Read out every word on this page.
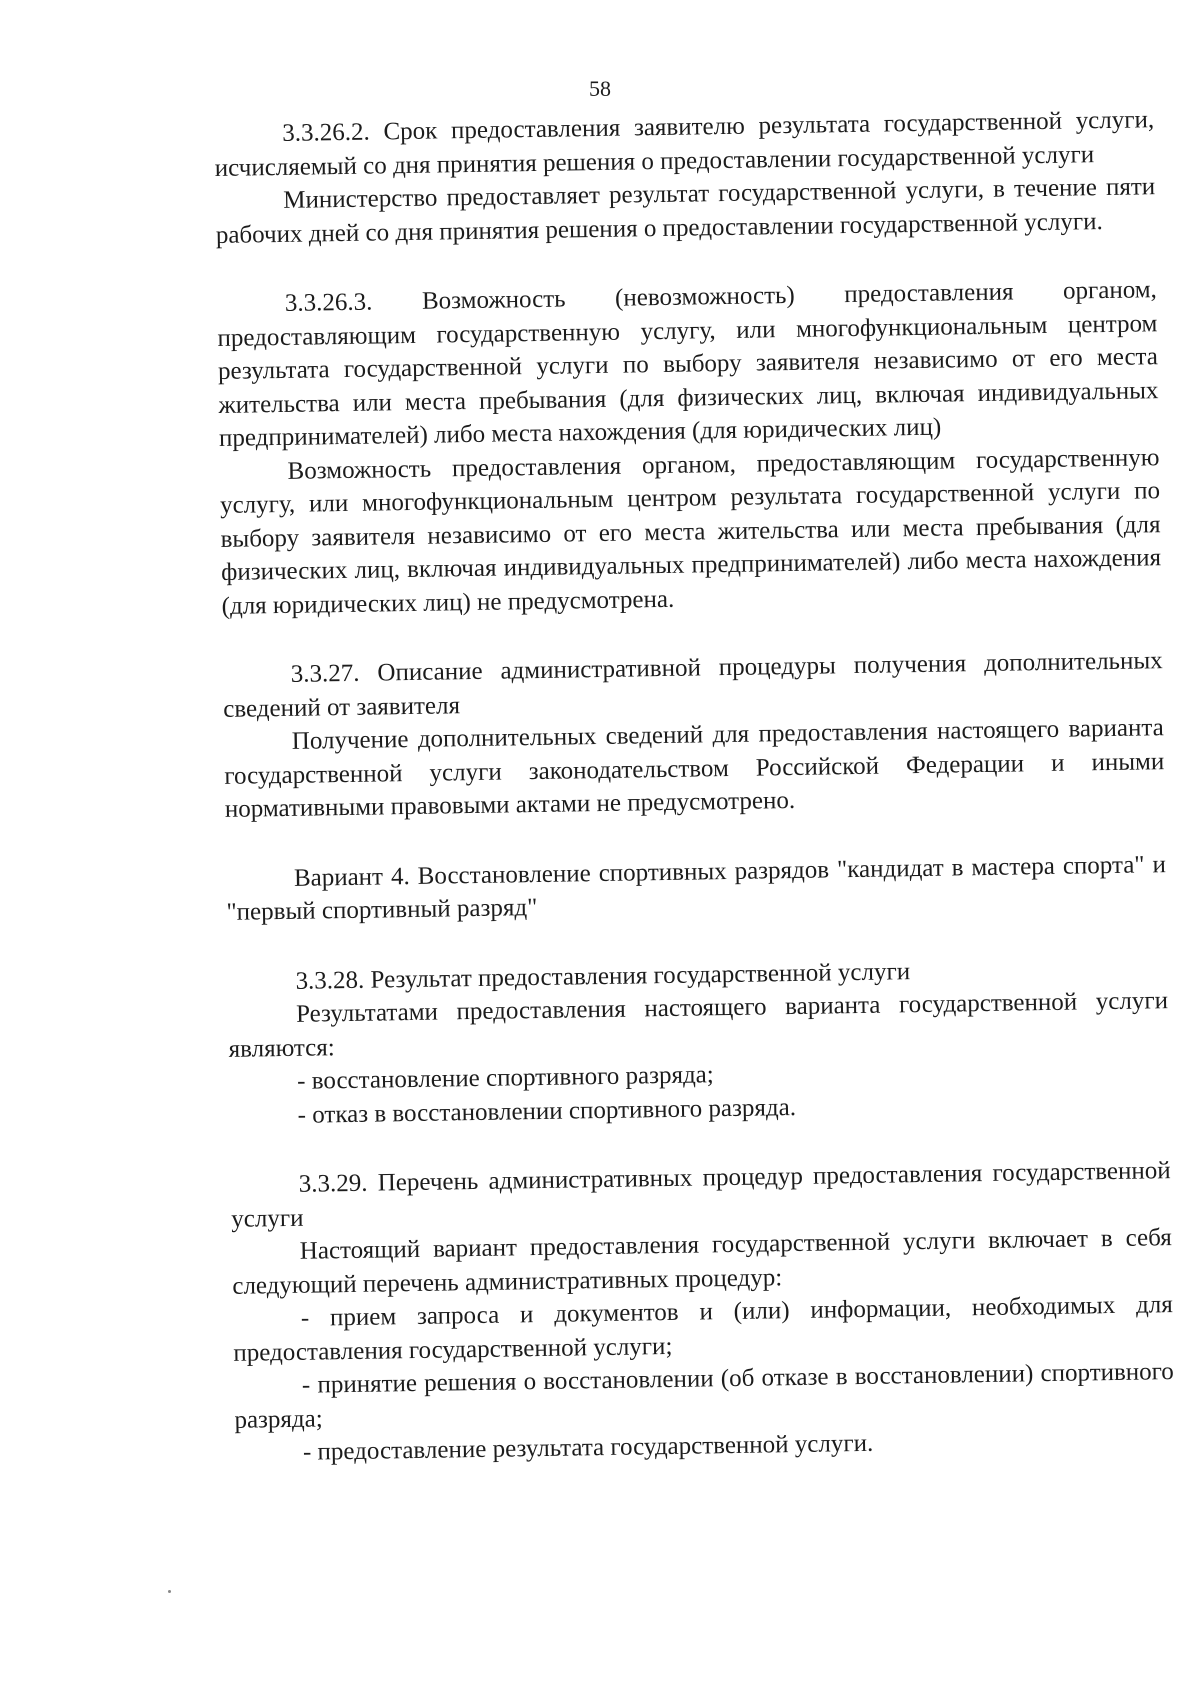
58

3.3.26.2. Срок предоставления заявителю результата государственной услуги, исчисляемый со дня принятия решения о предоставлении государственной услуги

Министерство предоставляет результат государственной услуги, в течение пяти рабочих дней со дня принятия решения о предоставлении государственной услуги.

3.3.26.3. Возможность (невозможность) предоставления органом, предоставляющим государственную услугу, или многофункциональным центром результата государственной услуги по выбору заявителя независимо от его места жительства или места пребывания (для физических лиц, включая индивидуальных предпринимателей) либо места нахождения (для юридических лиц)

Возможность предоставления органом, предоставляющим государственную услугу, или многофункциональным центром результата государственной услуги по выбору заявителя независимо от его места жительства или места пребывания (для физических лиц, включая индивидуальных предпринимателей) либо места нахождения (для юридических лиц) не предусмотрена.

3.3.27. Описание административной процедуры получения дополнительных сведений от заявителя

Получение дополнительных сведений для предоставления настоящего варианта государственной услуги законодательством Российской Федерации и иными нормативными правовыми актами не предусмотрено.

Вариант 4. Восстановление спортивных разрядов "кандидат в мастера спорта" и "первый спортивный разряд"

3.3.28. Результат предоставления государственной услуги

Результатами предоставления настоящего варианта государственной услуги являются:

- восстановление спортивного разряда;
- отказ в восстановлении спортивного разряда.

3.3.29. Перечень административных процедур предоставления государственной услуги

Настоящий вариант предоставления государственной услуги включает в себя следующий перечень административных процедур:

- прием запроса и документов и (или) информации, необходимых для предоставления государственной услуги;
- принятие решения о восстановлении (об отказе в восстановлении) спортивного разряда;
- предоставление результата государственной услуги.
